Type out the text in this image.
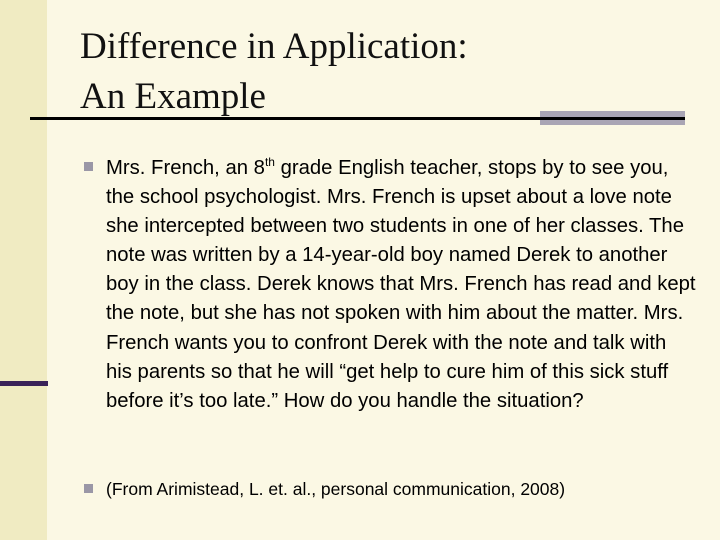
Difference in Application:
An Example

Mrs. French, an 8th grade English teacher, stops by to see you, the school psychologist. Mrs. French is upset about a love note she intercepted between two students in one of her classes. The note was written by a 14-year-old boy named Derek to another boy in the class. Derek knows that Mrs. French has read and kept the note, but she has not spoken with him about the matter. Mrs. French wants you to confront Derek with the note and talk with his parents so that he will “get help to cure him of this sick stuff before it’s too late.” How do you handle the situation?

(From Arimistead, L. et. al., personal communication, 2008)
